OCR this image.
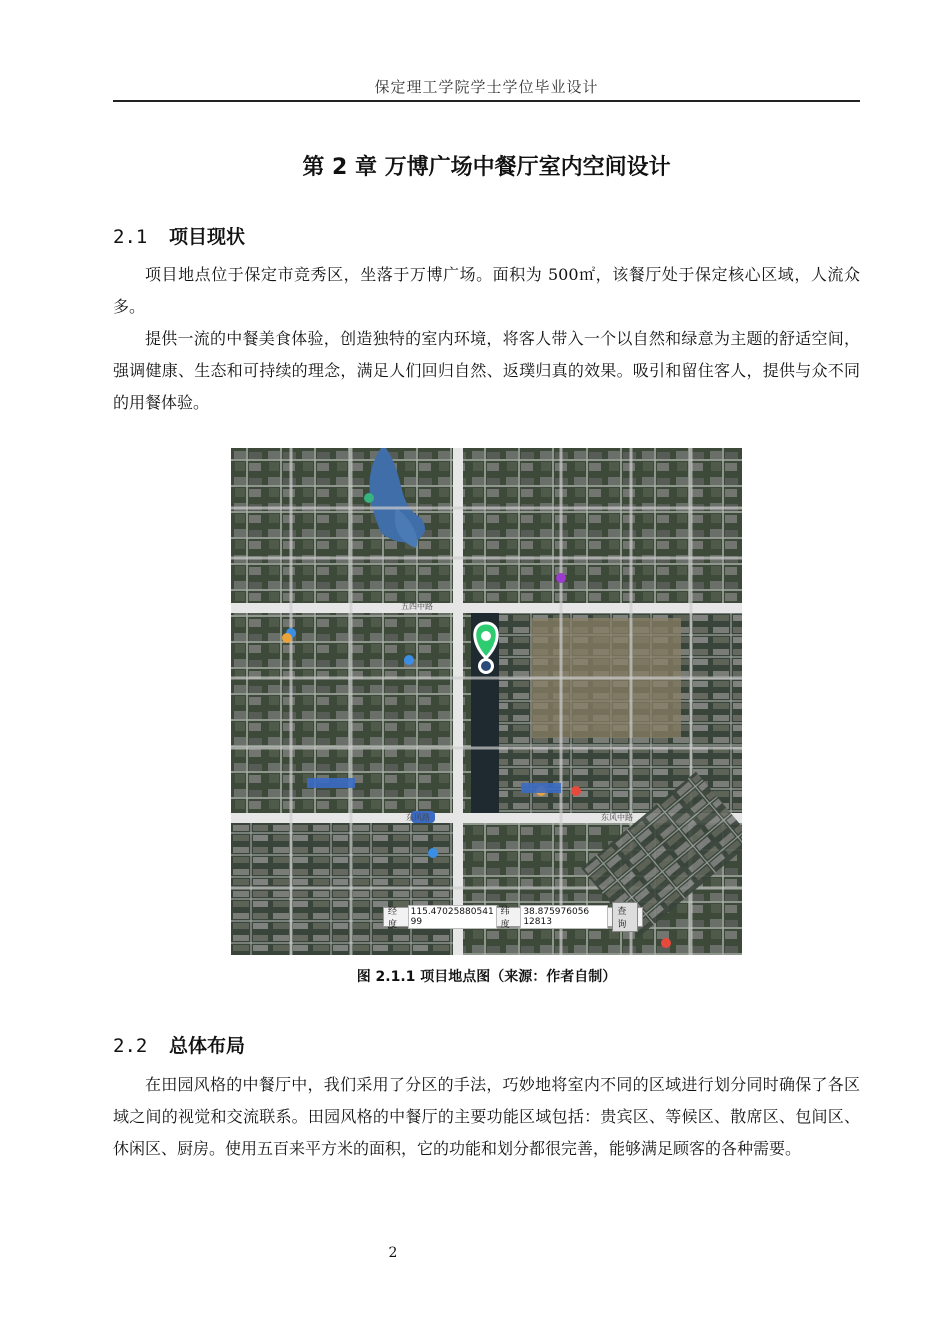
保定理工学院学士学位毕业设计
第 2 章 万博广场中餐厅室内空间设计
2.1 项目现状
项目地点位于保定市竞秀区，坐落于万博广场。面积为 500㎡，该餐厅处于保定核心区域，人流众多。
提供一流的中餐美食体验，创造独特的室内环境，将客人带入一个以自然和绿意为主题的舒适空间，强调健康、生态和可持续的理念，满足人们回归自然、返璞归真的效果。吸引和留住客人，提供与众不同的用餐体验。
五四中路
东风路	东风中路
经度
115.47025880541​99
纬度
38.875976056​12813
查询
图 2.1.1 项目地点图（来源：作者自制）
2.2 总体布局
在田园风格的中餐厅中，我们采用了分区的手法，巧妙地将室内不同的区域进行划分同时确保了各区域之间的视觉和交流联系。田园风格的中餐厅的主要功能区域包括：贵宾区、等候区、散席区、包间区、休闲区、厨房。使用五百来平方米的面积，它的功能和划分都很完善，能够满足顾客的各种需要。
2
